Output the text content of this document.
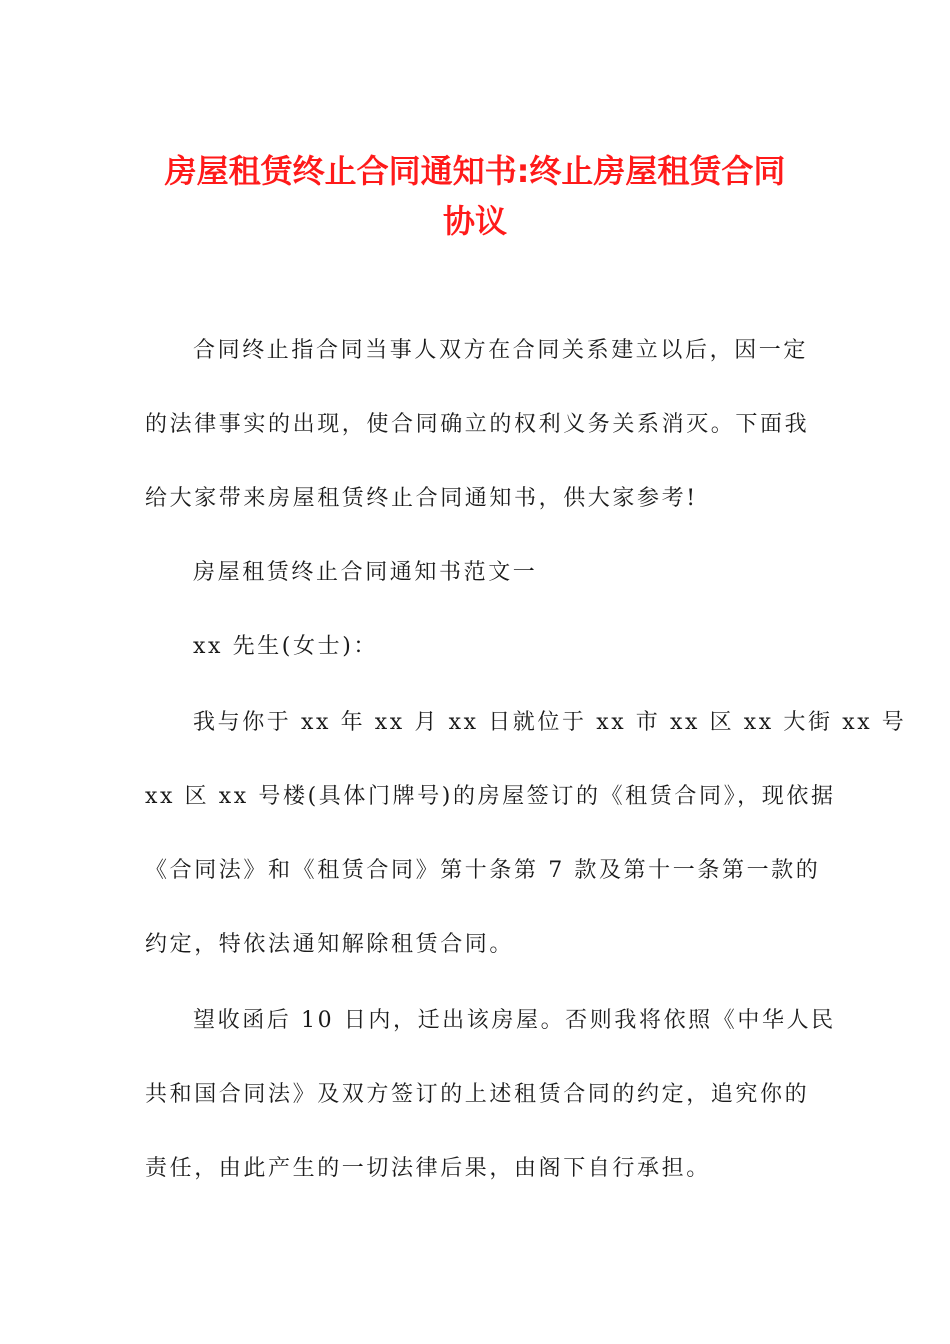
房屋租赁终止合同通知书:终止房屋租赁合同
协议
合同终止指合同当事人双方在合同关系建立以后，因一定
的法律事实的出现，使合同确立的权利义务关系消灭。下面我
给大家带来房屋租赁终止合同通知书，供大家参考!
房屋租赁终止合同通知书范文一
xx 先生(女士)：
我与你于 xx 年 xx 月 xx 日就位于 xx 市 xx 区 xx 大街 xx 号
xx 区 xx 号楼(具体门牌号)的房屋签订的《租赁合同》，现依据
《合同法》和《租赁合同》第十条第 7 款及第十一条第一款的
约定，特依法通知解除租赁合同。
望收函后 10 日内，迁出该房屋。否则我将依照《中华人民
共和国合同法》及双方签订的上述租赁合同的约定，追究你的
责任，由此产生的一切法律后果，由阁下自行承担。
